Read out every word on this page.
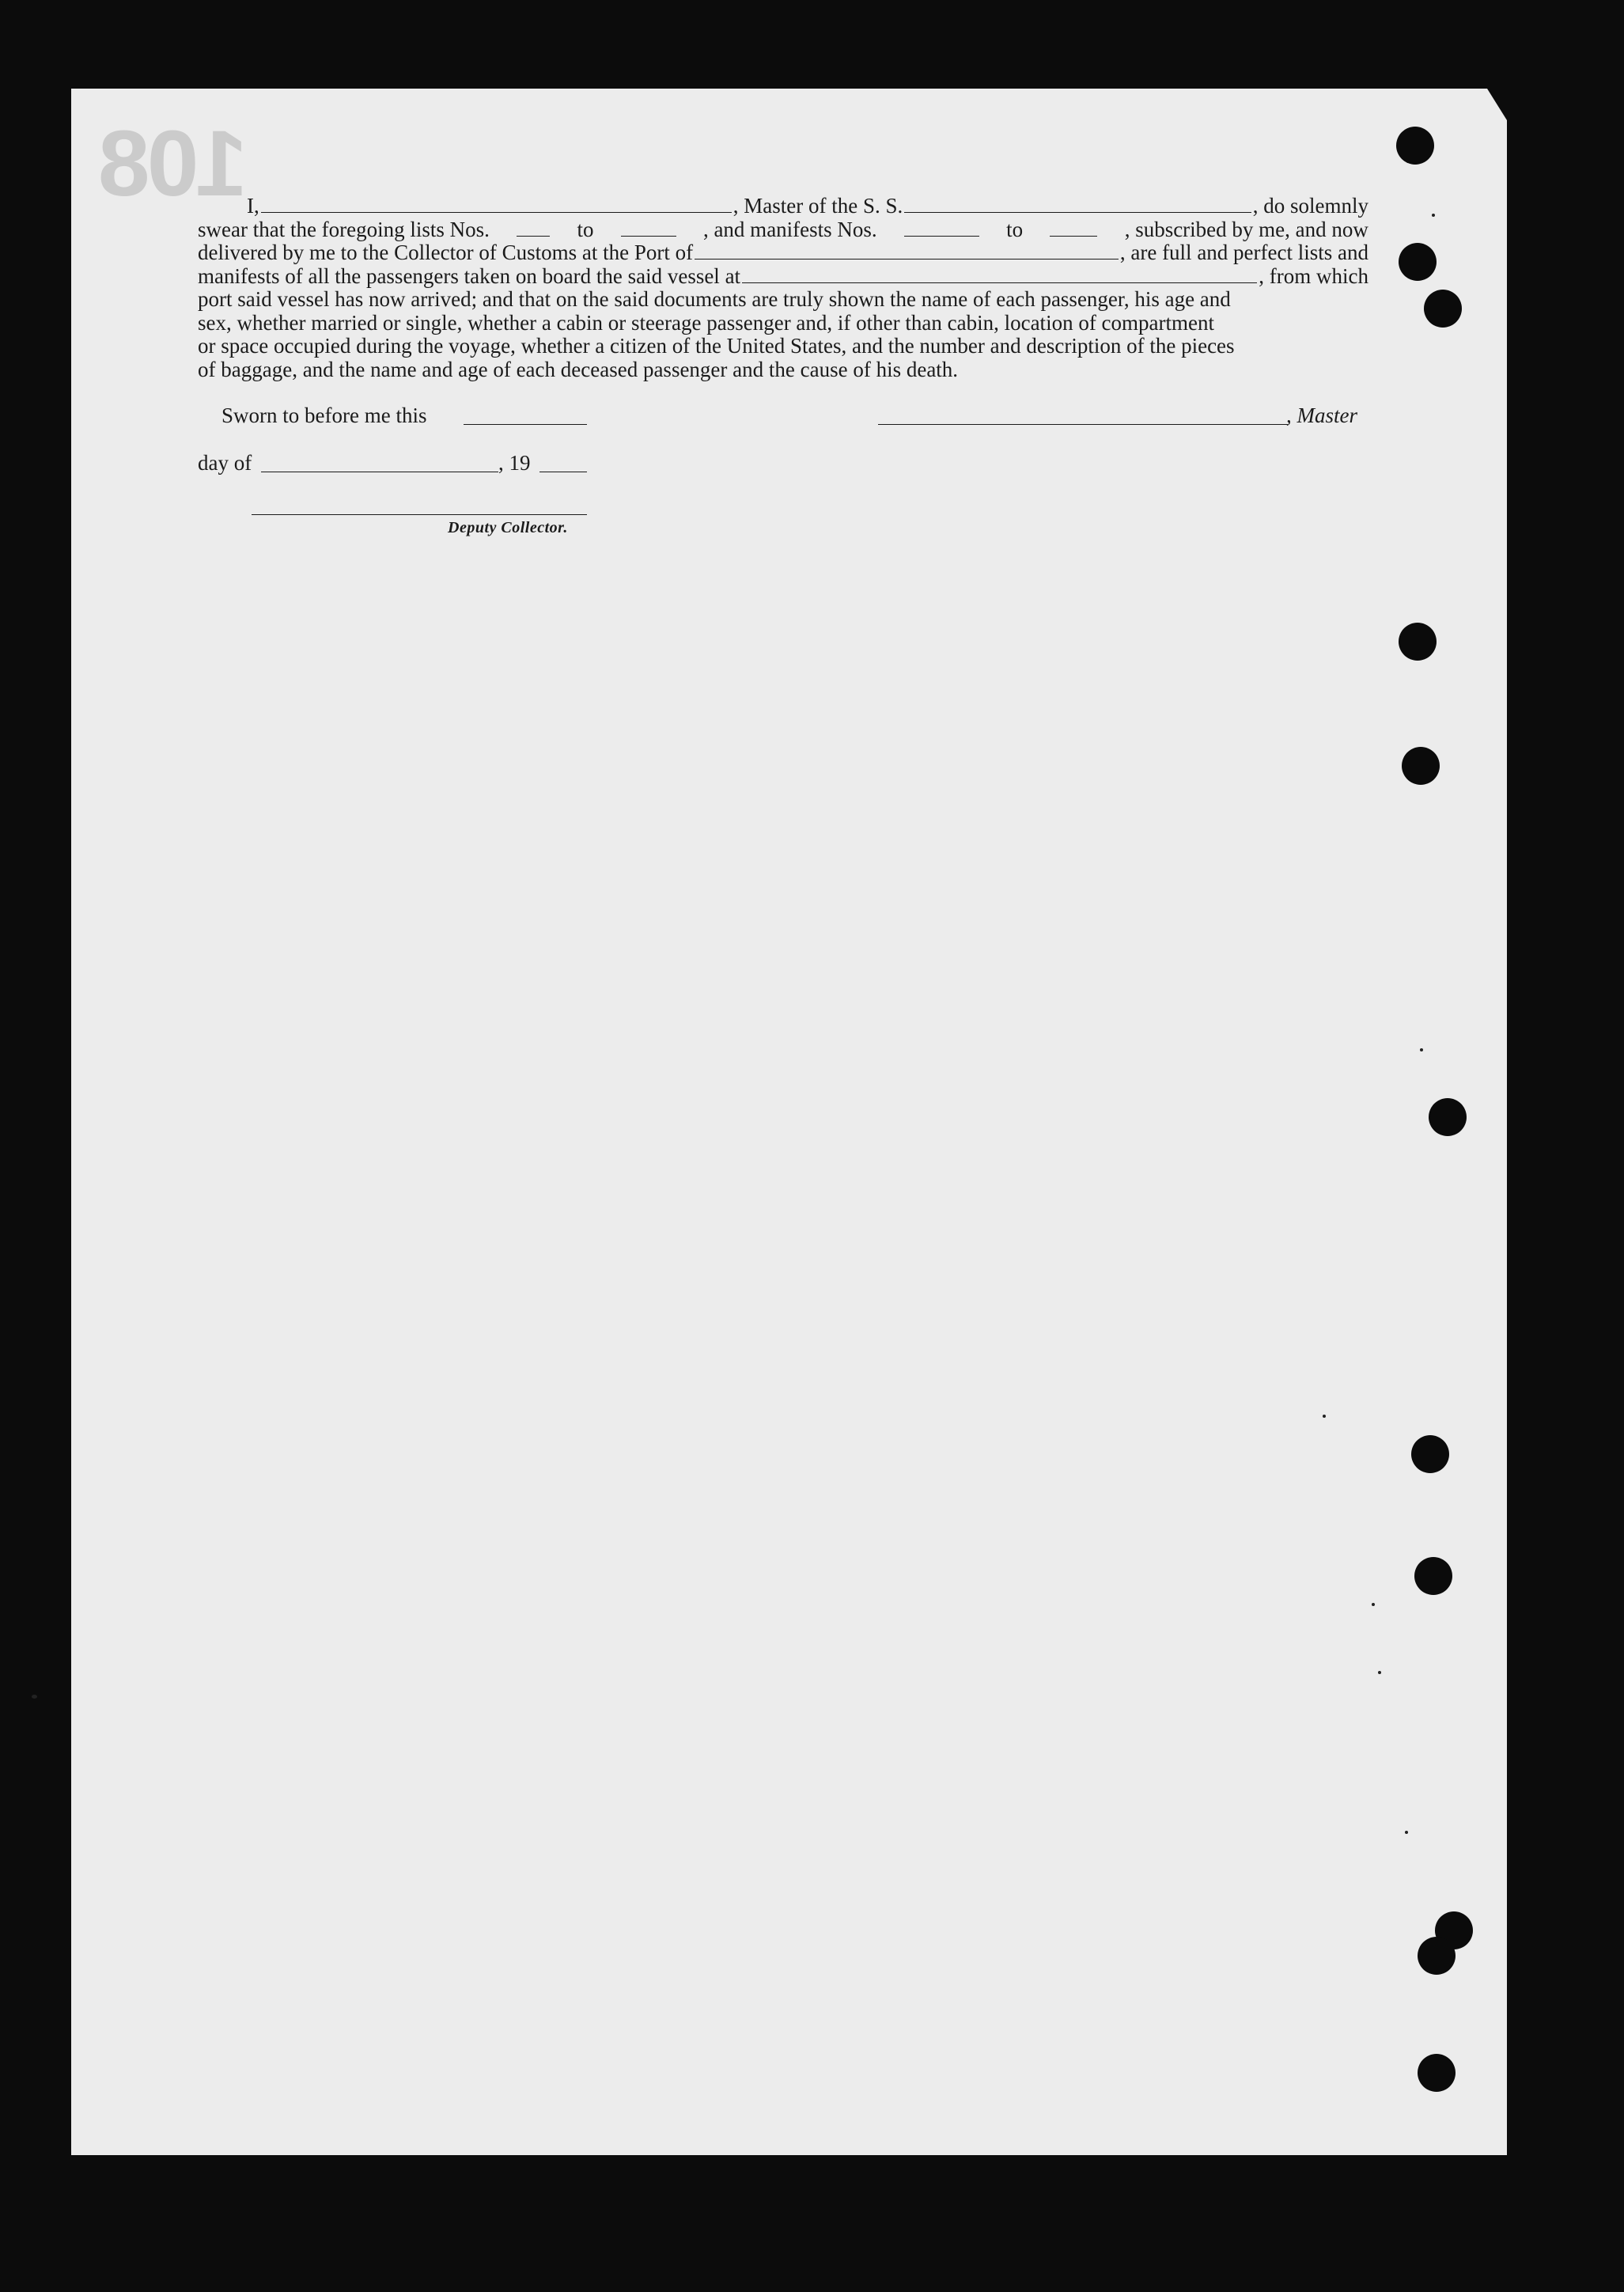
108 I,	, Master of the S. S.	, do solemnly
swear that the foregoing lists Nos.	to	, and manifests Nos.	to	, subscribed by me, and now
delivered by me to the Collector of Customs at the Port of	, are full and perfect lists and
manifests of all the passengers taken on board the said vessel at	, from which
port said vessel has now arrived; and that on the said documents are truly shown the name of each passenger, his age and
sex, whether married or single, whether a cabin or steerage passenger and, if other than cabin, location of compartment
or space occupied during the voyage, whether a citizen of the United States, and the number and description of the pieces
of baggage, and the name and age of each deceased passenger and the cause of his death.
Sworn to before me this	, Master
day of	, 19
Deputy Collector.
